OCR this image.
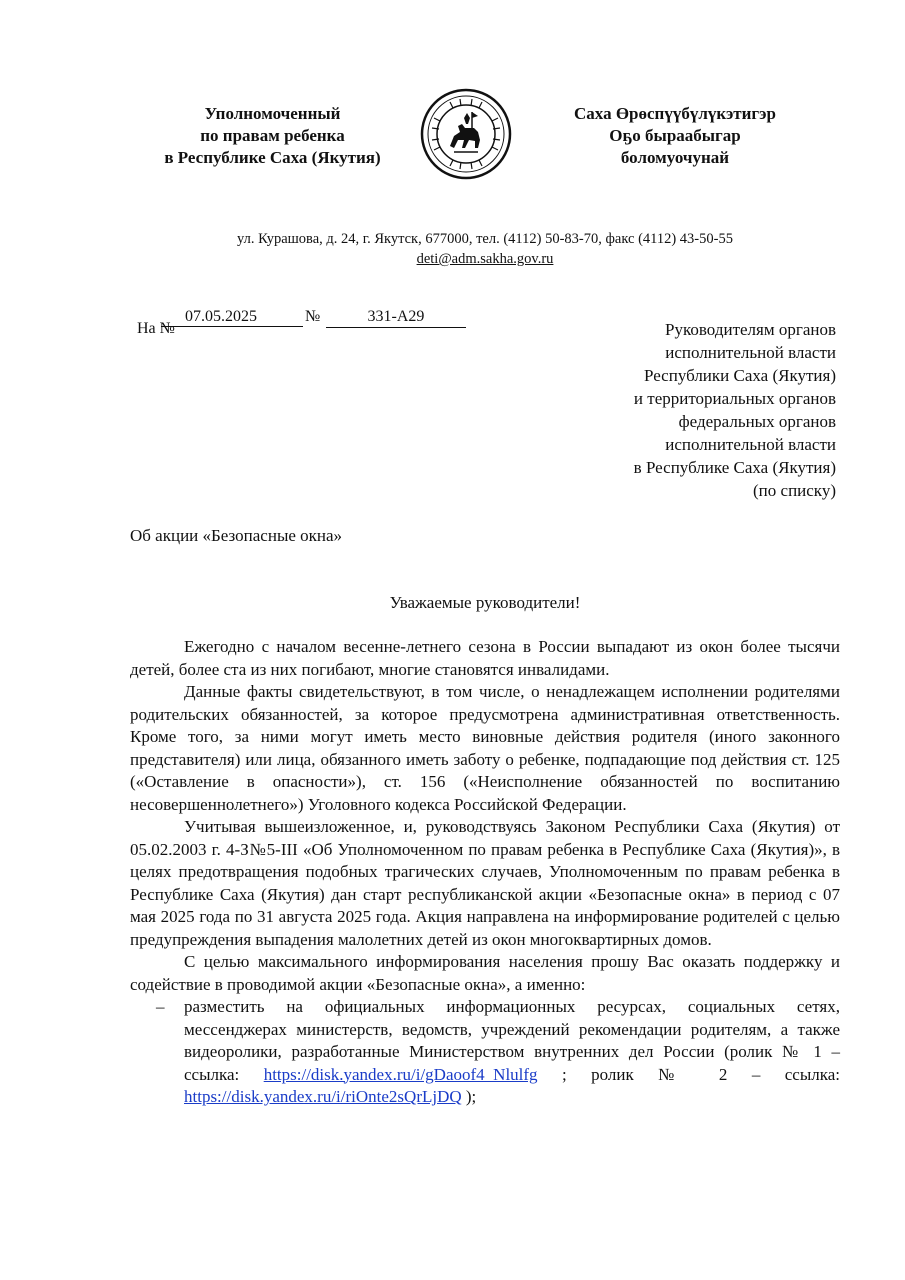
Уполномоченный
по правам ребенка
в Республике Саха (Якутия)
Саха Өрөспүүбүлүкэтигэр
Оҕо быраабыгар
боломуочунай
ул. Курашова, д. 24, г. Якутск, 677000, тел. (4112) 50-83-70, факс (4112) 43-50-55
deti@adm.sakha.gov.ru
На №
07.05.2025	№	331-А29
Руководителям органов
исполнительной власти
Республики Саха (Якутия)
и территориальных органов
федеральных органов
исполнительной власти
в Республике Саха (Якутия)
(по списку)
Об акции «Безопасные окна»
Уважаемые руководители!

Ежегодно с началом весенне-летнего сезона в России выпадают из окон более тысячи детей, более ста из них погибают, многие становятся инвалидами.

Данные факты свидетельствуют, в том числе, о ненадлежащем исполнении родителями родительских обязанностей, за которое предусмотрена административная ответственность. Кроме того, за ними могут иметь место виновные действия родителя (иного законного представителя) или лица, обязанного иметь заботу о ребенке, подпадающие под действия ст. 125 («Оставление в опасности»), ст. 156 («Неисполнение обязанностей по воспитанию несовершеннолетнего») Уголовного кодекса Российской Федерации.

Учитывая вышеизложенное, и, руководствуясь Законом Республики Саха (Якутия) от 05.02.2003 г. 4-З№5-III «Об Уполномоченном по правам ребенка в Республике Саха (Якутия)», в целях предотвращения подобных трагических случаев, Уполномоченным по правам ребенка в Республике Саха (Якутия) дан старт республиканской акции «Безопасные окна» в период с 07 мая 2025 года по 31 августа 2025 года. Акция направлена на информирование родителей с целью предупреждения выпадения малолетних детей из окон многоквартирных домов.

С целью максимального информирования населения прошу Вас оказать поддержку и содействие в проводимой акции «Безопасные окна», а именно:

– разместить на официальных информационных ресурсах, социальных сетях, мессенджерах министерств, ведомств, учреждений рекомендации родителям, а также видеоролики, разработанные Министерством внутренних дел России (ролик № 1 – ссылка: https://disk.yandex.ru/i/gDaoof4_Nlulfg ; ролик № 2 – ссылка: https://disk.yandex.ru/i/riOnte2sQrLjDQ );
